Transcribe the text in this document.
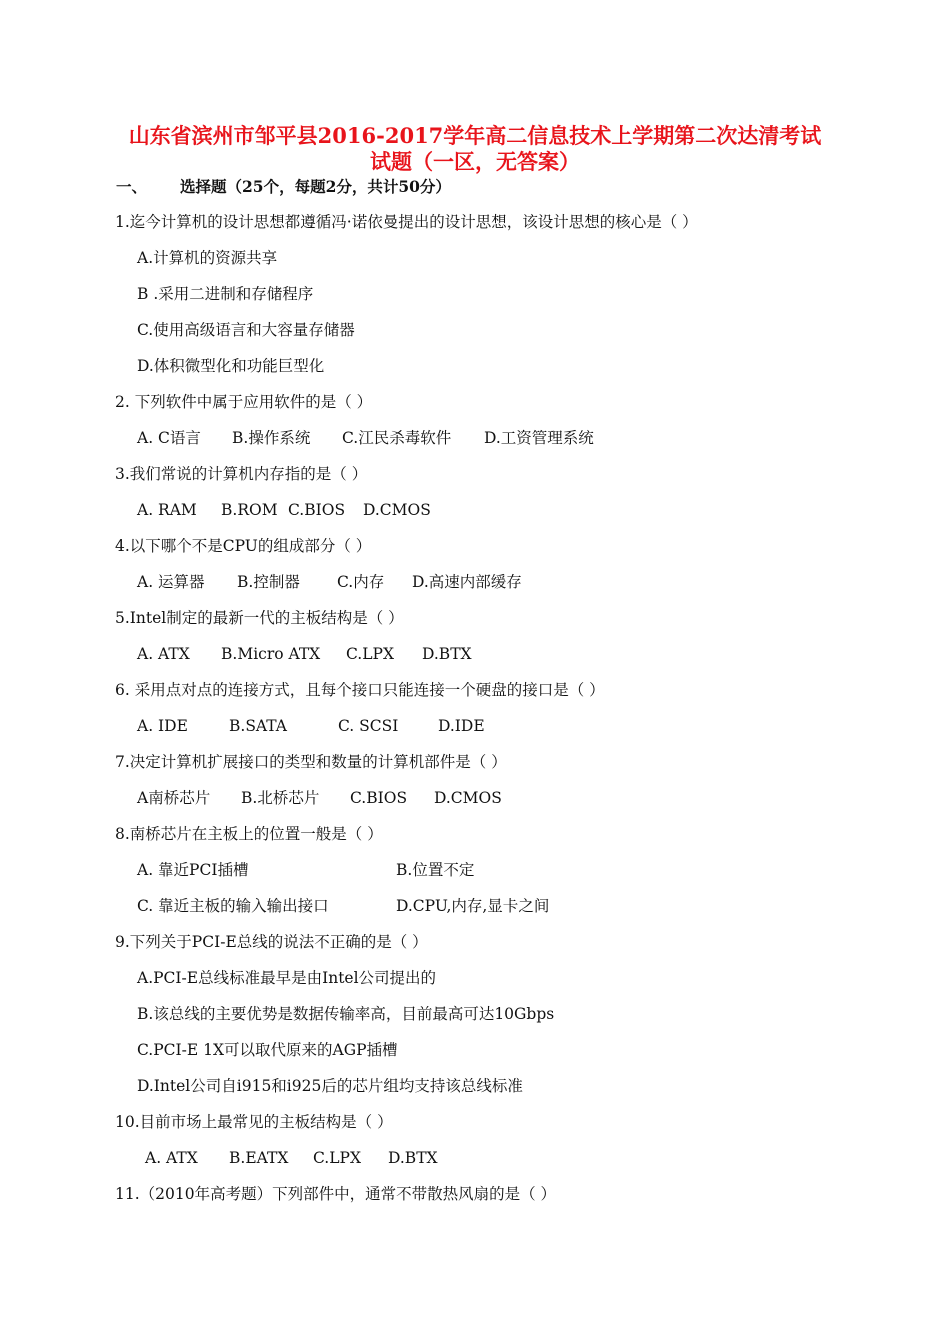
山东省滨州市邹平县2016-2017学年高二信息技术上学期第二次达清考试
试题（一区，无答案）
一、 选择题（25个，每题2分，共计50分）
1.迄今计算机的设计思想都遵循冯·诺依曼提出的设计思想，该设计思想的核心是（ ）
A.计算机的资源共享
B .采用二进制和存储程序
C.使用高级语言和大容量存储器
D.体积微型化和功能巨型化
2. 下列软件中属于应用软件的是（ ）
A. C语言 B.操作系统 C.江民杀毒软件 D.工资管理系统
3.我们常说的计算机内存指的是（ ）
A. RAM B.ROM C.BIOS D.CMOS
4.以下哪个不是CPU的组成部分（ ）
A. 运算器 B.控制器 C.内存 D.高速内部缓存
5.Intel制定的最新一代的主板结构是（ ）
A. ATX B.Micro ATX C.LPX D.BTX
6. 采用点对点的连接方式，且每个接口只能连接一个硬盘的接口是（ ）
A. IDE	B.SATA	C. SCSI	D.IDE
7.决定计算机扩展接口的类型和数量的计算机部件是（ ）
A南桥芯片 B.北桥芯片 C.BIOS D.CMOS
8.南桥芯片在主板上的位置一般是（ ）
A. 靠近PCI插槽	B.位置不定
C. 靠近主板的输入输出接口	D.CPU,内存,显卡之间
9.下列关于PCI-E总线的说法不正确的是（ ）
A.PCI-E总线标准最早是由Intel公司提出的
B.该总线的主要优势是数据传输率高，目前最高可达10Gbps
C.PCI-E 1X可以取代原来的AGP插槽
D.Intel公司自i915和i925后的芯片组均支持该总线标准
10.目前市场上最常见的主板结构是（ ）
A. ATX B.EATX C.LPX D.BTX
11.（2010年高考题）下列部件中，通常不带散热风扇的是（ ）
